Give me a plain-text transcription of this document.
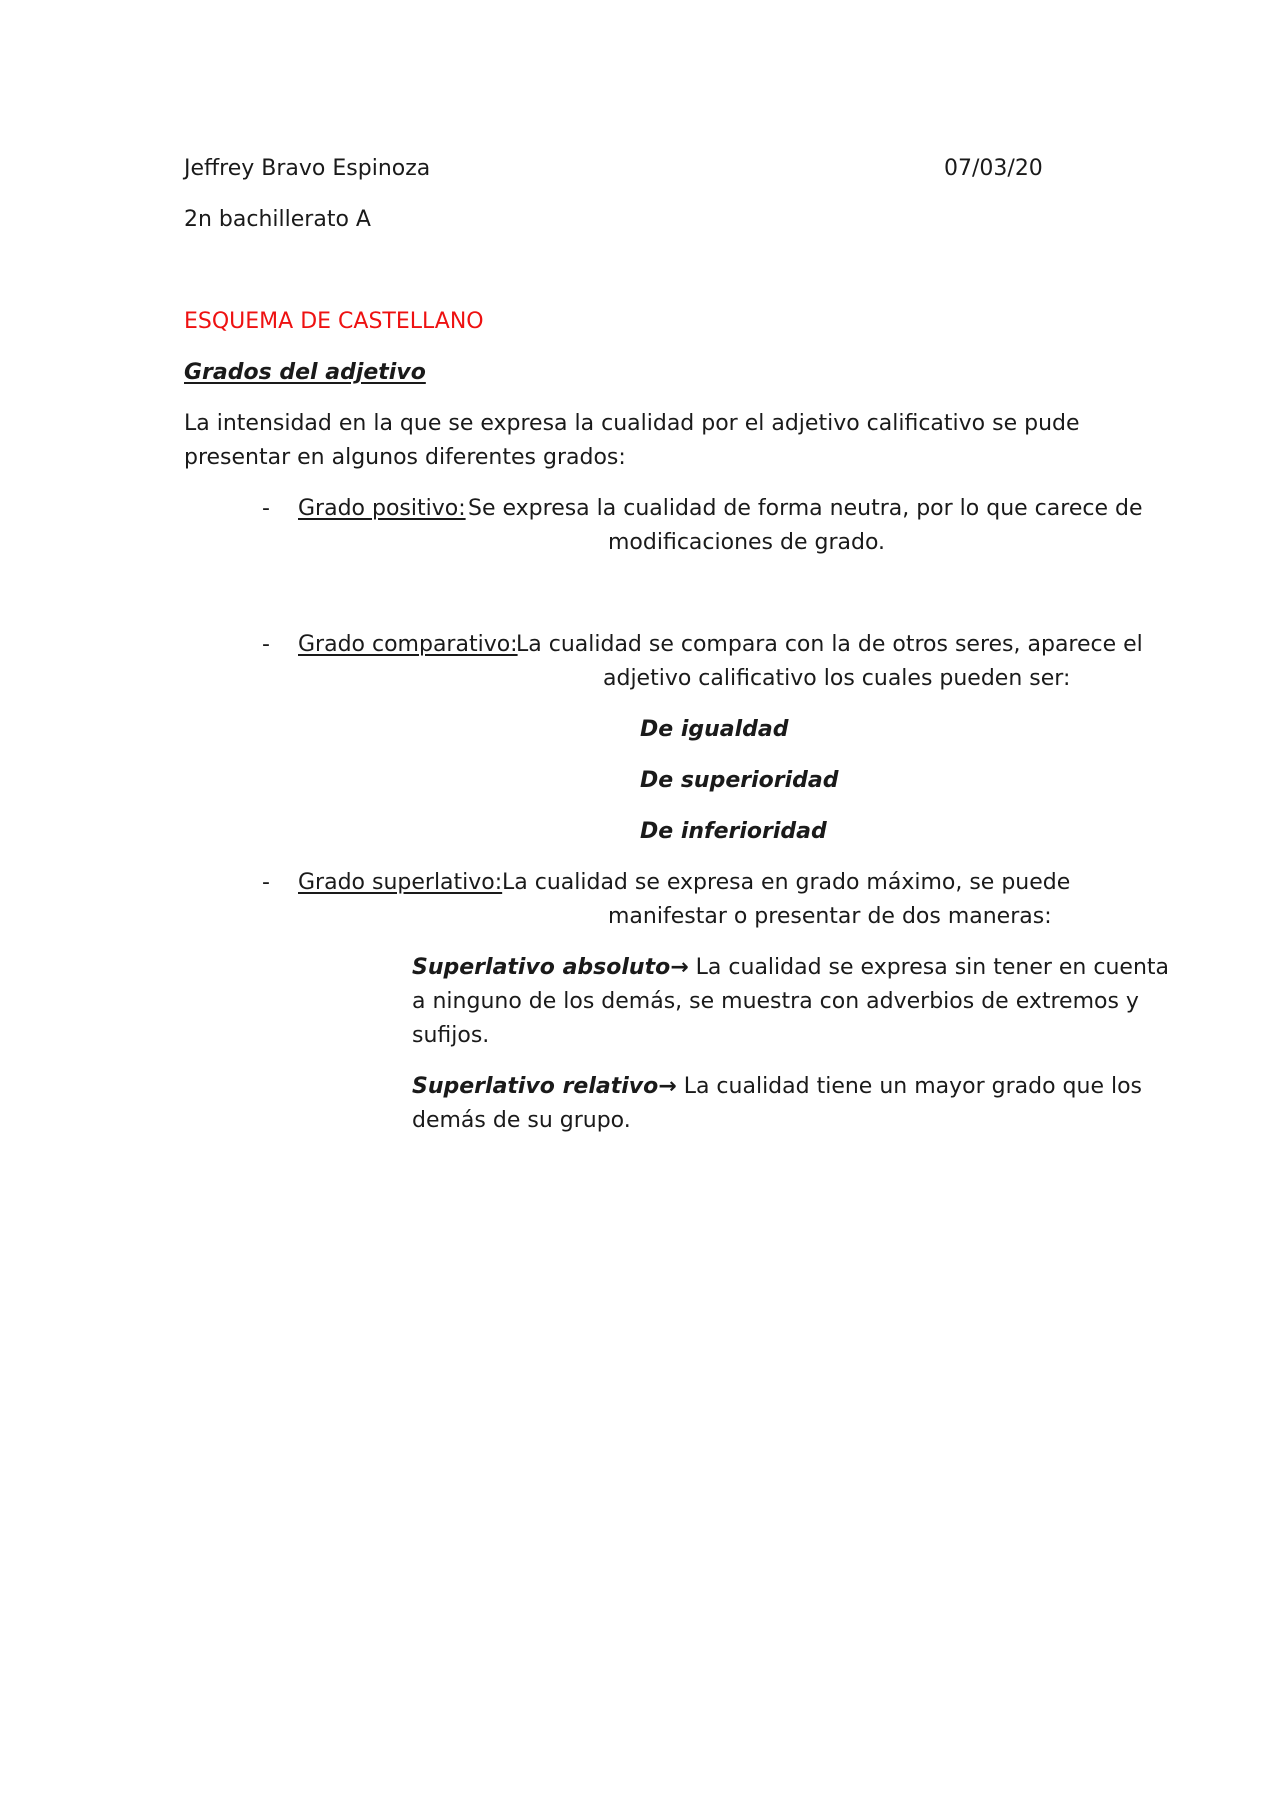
Jeffrey Bravo Espinoza	07/03/20
2n bachillerato A
ESQUEMA DE CASTELLANO
Grados del adjetivo
La intensidad en la que se expresa la cualidad por el adjetivo calificativo se pude
presentar en algunos diferentes grados:
- Grado positivo: Se expresa la cualidad de forma neutra, por lo que carece de
modificaciones de grado.
- Grado comparativo:
La cualidad se compara con la de otros seres, aparece el
adjetivo calificativo los cuales pueden ser:
De igualdad
De superioridad
De inferioridad
- Grado superlativo: La cualidad se expresa en grado máximo, se puede
manifestar o presentar de dos maneras:
Superlativo absoluto→ La cualidad se expresa sin tener en cuenta
a ninguno de los demás, se muestra con adverbios de extremos y
sufijos.
Superlativo relativo→ La cualidad tiene un mayor grado que los
demás de su grupo.
